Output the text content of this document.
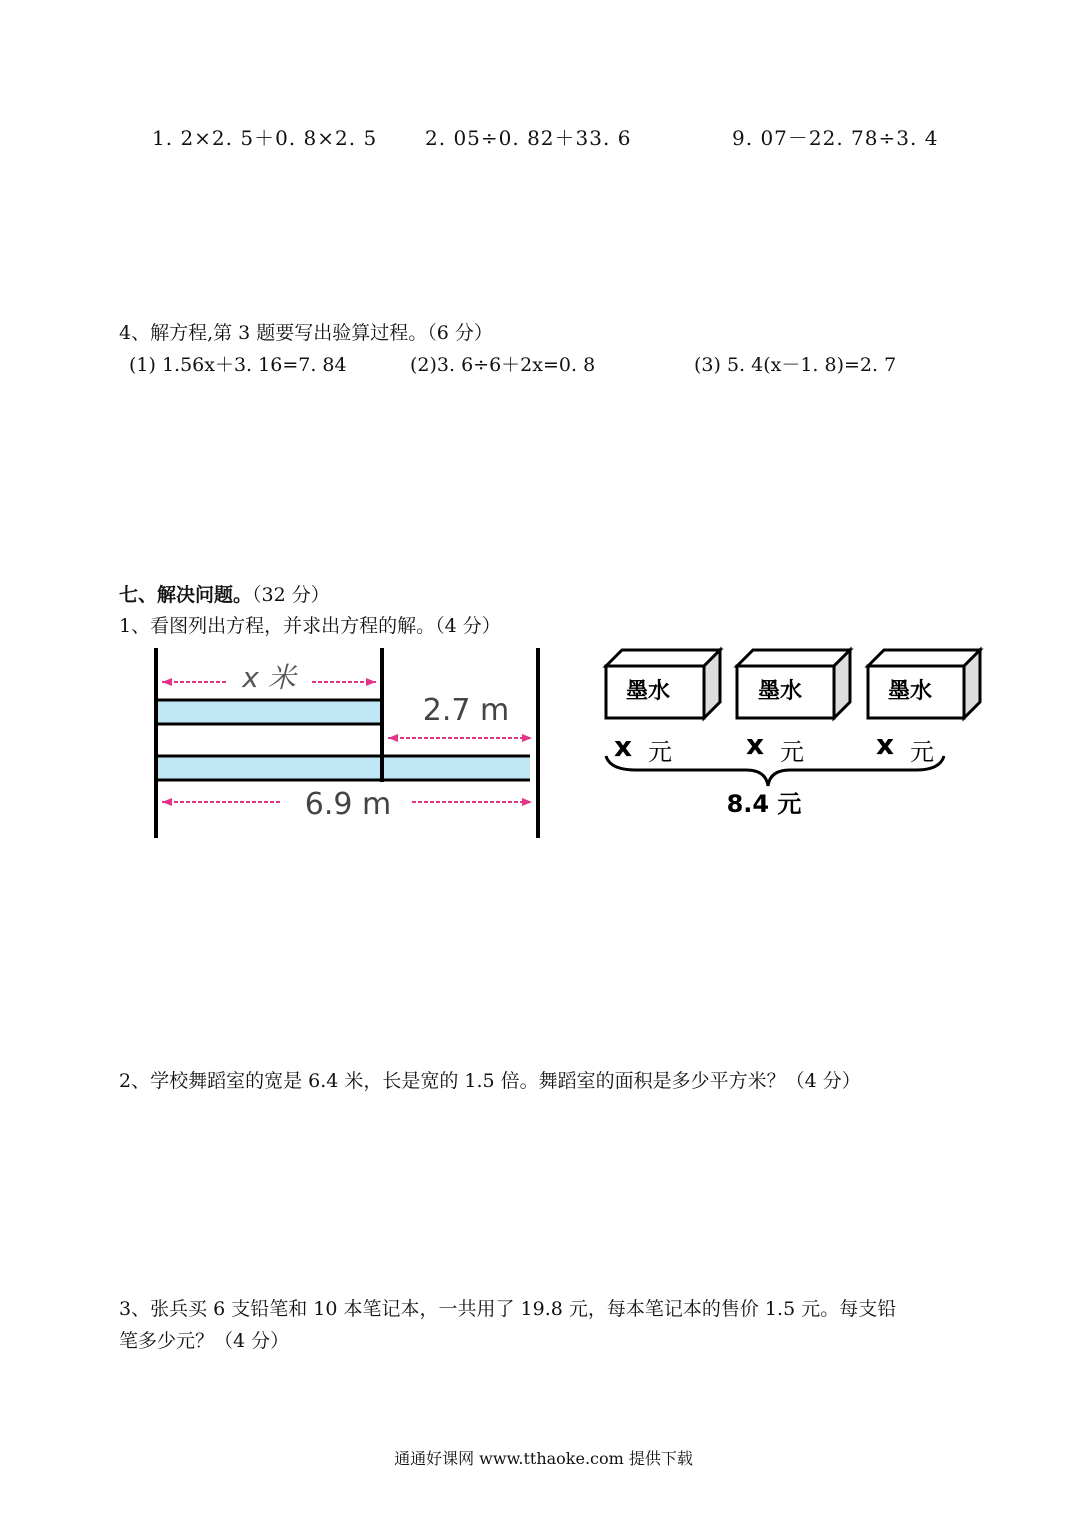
1. 2×2. 5＋0. 8×2. 5 2. 05÷0. 82＋33. 6	9. 07－22. 78÷3. 4
4、解方程,第 3 题要写出验算过程。（6 分）
(1) 1.56x＋3. 16=7. 84	(2)3. 6÷6＋2x=0. 8	(3) 5. 4(x－1. 8)=2. 7
七、解决问题。（32 分）
1、看图列出方程，并求出方程的解。（4 分）
x 米
2.7 m
6.9 m
墨水	墨水	墨水
x 元	x 元	x 元
8.4 元
2、学校舞蹈室的宽是 6.4 米，长是宽的 1.5 倍。舞蹈室的面积是多少平方米？（4 分）
3、张兵买 6 支铅笔和 10 本笔记本，一共用了 19.8 元，每本笔记本的售价 1.5 元。每支铅
笔多少元？（4 分）
通通好课网 www.tthaoke.com 提供下载
